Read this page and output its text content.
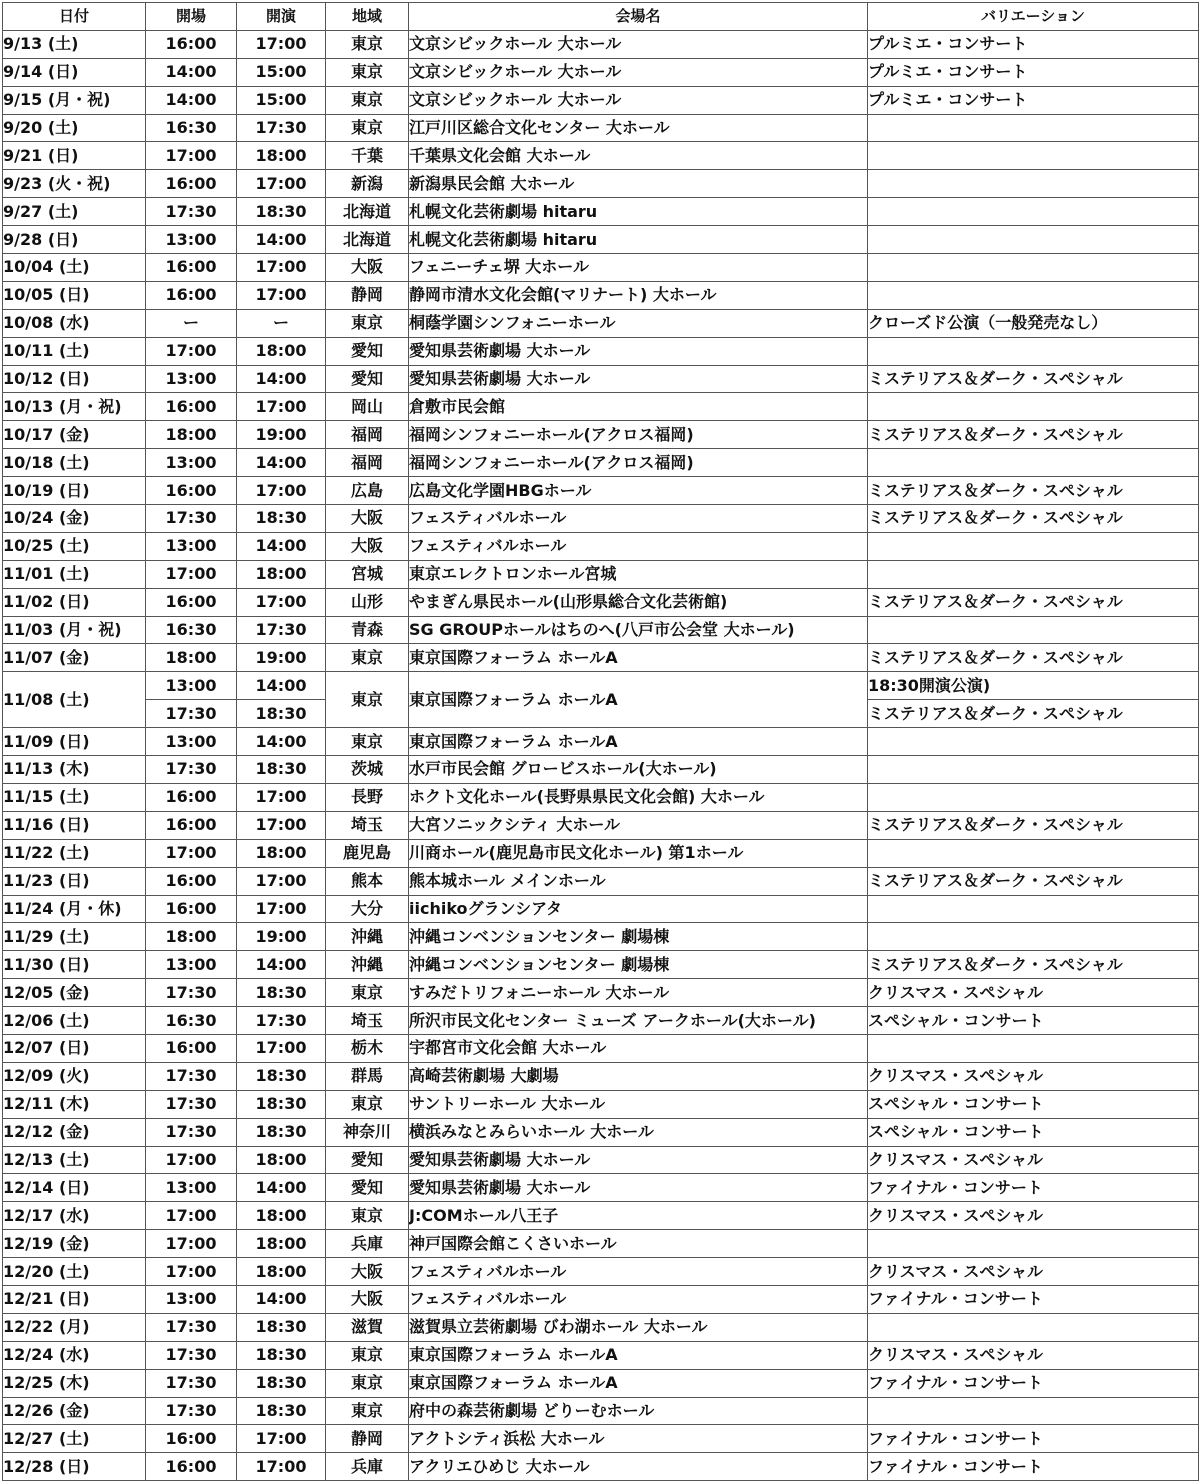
日付	開場	開演	地域	会場名	バリエーション
9/13 (土)	16:00	17:00	東京	文京シビックホール 大ホール	プルミエ・コンサート
9/14 (日)	14:00	15:00	東京	文京シビックホール 大ホール	プルミエ・コンサート
9/15 (月・祝)	14:00	15:00	東京	文京シビックホール 大ホール	プルミエ・コンサート
9/20 (土)	16:30	17:30	東京	江戸川区総合文化センター 大ホール	
9/21 (日)	17:00	18:00	千葉	千葉県文化会館 大ホール	
9/23 (火・祝)	16:00	17:00	新潟	新潟県民会館 大ホール	
9/27 (土)	17:30	18:30	北海道	札幌文化芸術劇場 hitaru	
9/28 (日)	13:00	14:00	北海道	札幌文化芸術劇場 hitaru	
10/04 (土)	16:00	17:00	大阪	フェニーチェ堺 大ホール	
10/05 (日)	16:00	17:00	静岡	静岡市清水文化会館(マリナート) 大ホール	
10/08 (水)	ー	ー	東京	桐蔭学園シンフォニーホール	クローズド公演（一般発売なし）
10/11 (土)	17:00	18:00	愛知	愛知県芸術劇場 大ホール	
10/12 (日)	13:00	14:00	愛知	愛知県芸術劇場 大ホール	ミステリアス＆ダーク・スペシャル
10/13 (月・祝)	16:00	17:00	岡山	倉敷市民会館	
10/17 (金)	18:00	19:00	福岡	福岡シンフォニーホール(アクロス福岡)	ミステリアス＆ダーク・スペシャル
10/18 (土)	13:00	14:00	福岡	福岡シンフォニーホール(アクロス福岡)	
10/19 (日)	16:00	17:00	広島	広島文化学園HBGホール	ミステリアス＆ダーク・スペシャル
10/24 (金)	17:30	18:30	大阪	フェスティバルホール	ミステリアス＆ダーク・スペシャル
10/25 (土)	13:00	14:00	大阪	フェスティバルホール	
11/01 (土)	17:00	18:00	宮城	東京エレクトロンホール宮城	
11/02 (日)	16:00	17:00	山形	やまぎん県民ホール(山形県総合文化芸術館)	ミステリアス＆ダーク・スペシャル
11/03 (月・祝)	16:30	17:30	青森	SG GROUPホールはちのへ(八戸市公会堂 大ホール)	
11/07 (金)	18:00	19:00	東京	東京国際フォーラム ホールA	ミステリアス＆ダーク・スペシャル
11/08 (土)	13:00	14:00	東京	東京国際フォーラム ホールA	18:30開演公演)
	17:30	18:30			ミステリアス＆ダーク・スペシャル
11/09 (日)	13:00	14:00	東京	東京国際フォーラム ホールA	
11/13 (木)	17:30	18:30	茨城	水戸市民会館 グロービスホール(大ホール)	
11/15 (土)	16:00	17:00	長野	ホクト文化ホール(長野県県民文化会館) 大ホール	
11/16 (日)	16:00	17:00	埼玉	大宮ソニックシティ 大ホール	ミステリアス＆ダーク・スペシャル
11/22 (土)	17:00	18:00	鹿児島	川商ホール(鹿児島市民文化ホール) 第1ホール	
11/23 (日)	16:00	17:00	熊本	熊本城ホール メインホール	ミステリアス＆ダーク・スペシャル
11/24 (月・休)	16:00	17:00	大分	iichikoグランシアタ	
11/29 (土)	18:00	19:00	沖縄	沖縄コンベンションセンター 劇場棟	
11/30 (日)	13:00	14:00	沖縄	沖縄コンベンションセンター 劇場棟	ミステリアス＆ダーク・スペシャル
12/05 (金)	17:30	18:30	東京	すみだトリフォニーホール 大ホール	クリスマス・スペシャル
12/06 (土)	16:30	17:30	埼玉	所沢市民文化センター ミューズ アークホール(大ホール)	スペシャル・コンサート
12/07 (日)	16:00	17:00	栃木	宇都宮市文化会館 大ホール	
12/09 (火)	17:30	18:30	群馬	高崎芸術劇場 大劇場	クリスマス・スペシャル
12/11 (木)	17:30	18:30	東京	サントリーホール 大ホール	スペシャル・コンサート
12/12 (金)	17:30	18:30	神奈川	横浜みなとみらいホール 大ホール	スペシャル・コンサート
12/13 (土)	17:00	18:00	愛知	愛知県芸術劇場 大ホール	クリスマス・スペシャル
12/14 (日)	13:00	14:00	愛知	愛知県芸術劇場 大ホール	ファイナル・コンサート
12/17 (水)	17:00	18:00	東京	J:COMホール八王子	クリスマス・スペシャル
12/19 (金)	17:00	18:00	兵庫	神戸国際会館こくさいホール	
12/20 (土)	17:00	18:00	大阪	フェスティバルホール	クリスマス・スペシャル
12/21 (日)	13:00	14:00	大阪	フェスティバルホール	ファイナル・コンサート
12/22 (月)	17:30	18:30	滋賀	滋賀県立芸術劇場 びわ湖ホール 大ホール	
12/24 (水)	17:30	18:30	東京	東京国際フォーラム ホールA	クリスマス・スペシャル
12/25 (木)	17:30	18:30	東京	東京国際フォーラム ホールA	ファイナル・コンサート
12/26 (金)	17:30	18:30	東京	府中の森芸術劇場 どりーむホール	
12/27 (土)	16:00	17:00	静岡	アクトシティ浜松 大ホール	ファイナル・コンサート
12/28 (日)	16:00	17:00	兵庫	アクリエひめじ 大ホール	ファイナル・コンサート
